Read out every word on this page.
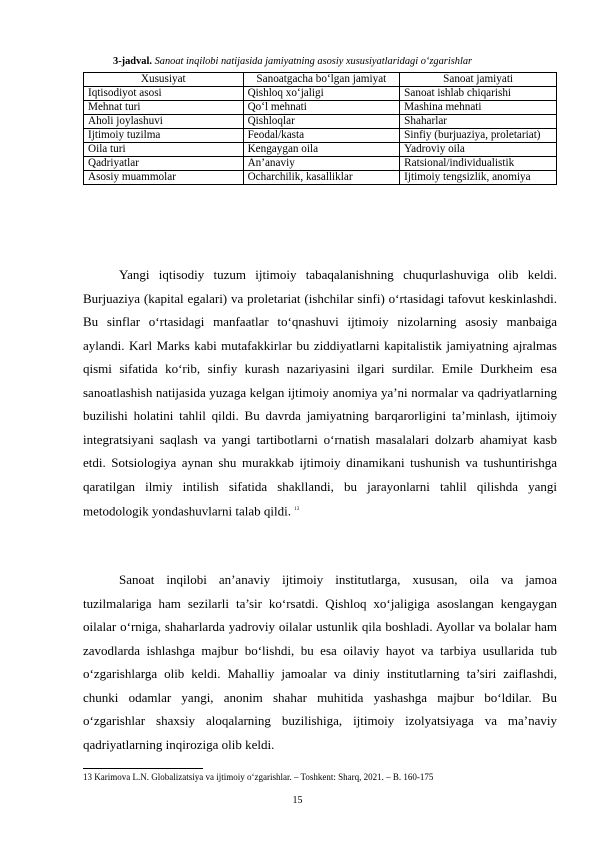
3-jadval. Sanoat inqilobi natijasida jamiyatning asosiy xususiyatlaridagi o‘zgarishlar
Xususiyat	Sanoatgacha bo‘lgan jamiyat	Sanoat jamiyati
Iqtisodiyot asosi	Qishloq xo‘jaligi	Sanoat ishlab chiqarishi
Mehnat turi	Qo‘l mehnati	Mashina mehnati
Aholi joylashuvi	Qishloqlar	Shaharlar
Ijtimoiy tuzilma	Feodal/kasta	Sinfiy (burjuaziya, proletariat)
Oila turi	Kengaygan oila	Yadroviy oila
Qadriyatlar	An’anaviy	Ratsional/individualistik
Asosiy muammolar	Ocharchilik, kasalliklar	Ijtimoiy tengsizlik, anomiya

Yangi iqtisodiy tuzum ijtimoiy tabaqalanishning chuqurlashuviga olib keldi. Burjuaziya (kapital egalari) va proletariat (ishchilar sinfi) o‘rtasidagi tafovut keskinlashdi. Bu sinflar o‘rtasidagi manfaatlar to‘qnashuvi ijtimoiy nizolarning asosiy manbaiga aylandi. Karl Marks kabi mutafakkirlar bu ziddiyatlarni kapitalistik jamiyatning ajralmas qismi sifatida ko‘rib, sinfiy kurash nazariyasini ilgari surdilar. Emile Durkheim esa sanoatlashish natijasida yuzaga kelgan ijtimoiy anomiya ya’ni normalar va qadriyatlarning buzilishi holatini tahlil qildi. Bu davrda jamiyatning barqarorligini ta’minlash, ijtimoiy integratsiyani saqlash va yangi tartibotlarni o‘rnatish masalalari dolzarb ahamiyat kasb etdi. Sotsiologiya aynan shu murakkab ijtimoiy dinamikani tushunish va tushuntirishga qaratilgan ilmiy intilish sifatida shakllandi, bu jarayonlarni tahlil qilishda yangi metodologik yondashuvlarni talab qildi. $^{13}$

Sanoat inqilobi an’anaviy ijtimoiy institutlarga, xususan, oila va jamoa tuzilmalariga ham sezilarli ta’sir ko‘rsatdi. Qishloq xo‘jaligiga asoslangan kengaygan oilalar o‘rniga, shaharlarda yadroviy oilalar ustunlik qila boshladi. Ayollar va bolalar ham zavodlarda ishlashga majbur bo‘lishdi, bu esa oilaviy hayot va tarbiya usullarida tub o‘zgarishlarga olib keldi. Mahalliy jamoalar va diniy institutlarning ta’siri zaiflashdi, chunki odamlar yangi, anonim shahar muhitida yashashga majbur bo‘ldilar. Bu o‘zgarishlar shaxsiy aloqalarning buzilishiga, ijtimoiy izolyatsiyaga va ma’naviy qadriyatlarning inqiroziga olib keldi.

13 Karimova L.N. Globalizatsiya va ijtimoiy o‘zgarishlar. – Toshkent: Sharq, 2021. – B. 160-175
15
